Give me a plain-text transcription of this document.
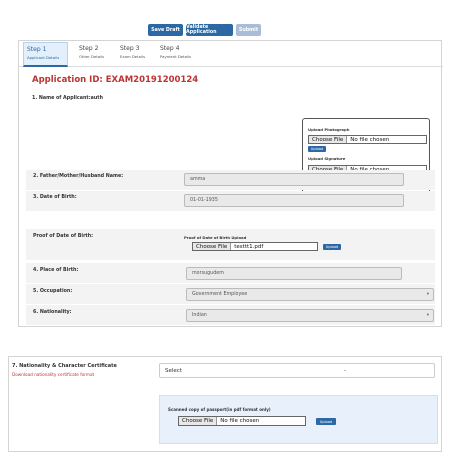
Save Draft	Validate Application	Submit
Step 1
Applicant Details
Step 2
Other Details
Step 3
Exam Details
Step 4
Payment Details
Application ID: EXAM20191200124
1. Name of Applicant:auth
Upload Photograph
Choose File	No file chosen
Upload
Upload Signature
2. Father/Mother/Husband Name:
amma
3. Date of Birth:
01-01-1935
Proof of Date of Birth:	Proof of Date of Birth Upload
Choose File	testtt1.pdf	Upload
4. Place of Birth:
morsugudem
5. Occupation:
Government Employee	▾
6. Nationality:
Indian	▾
7. Nationality & Character Certificate
Download nationality certificate format
Select	⌄
Scanned copy of passport(in pdf format only)
Choose File	No file chosen	Upload
